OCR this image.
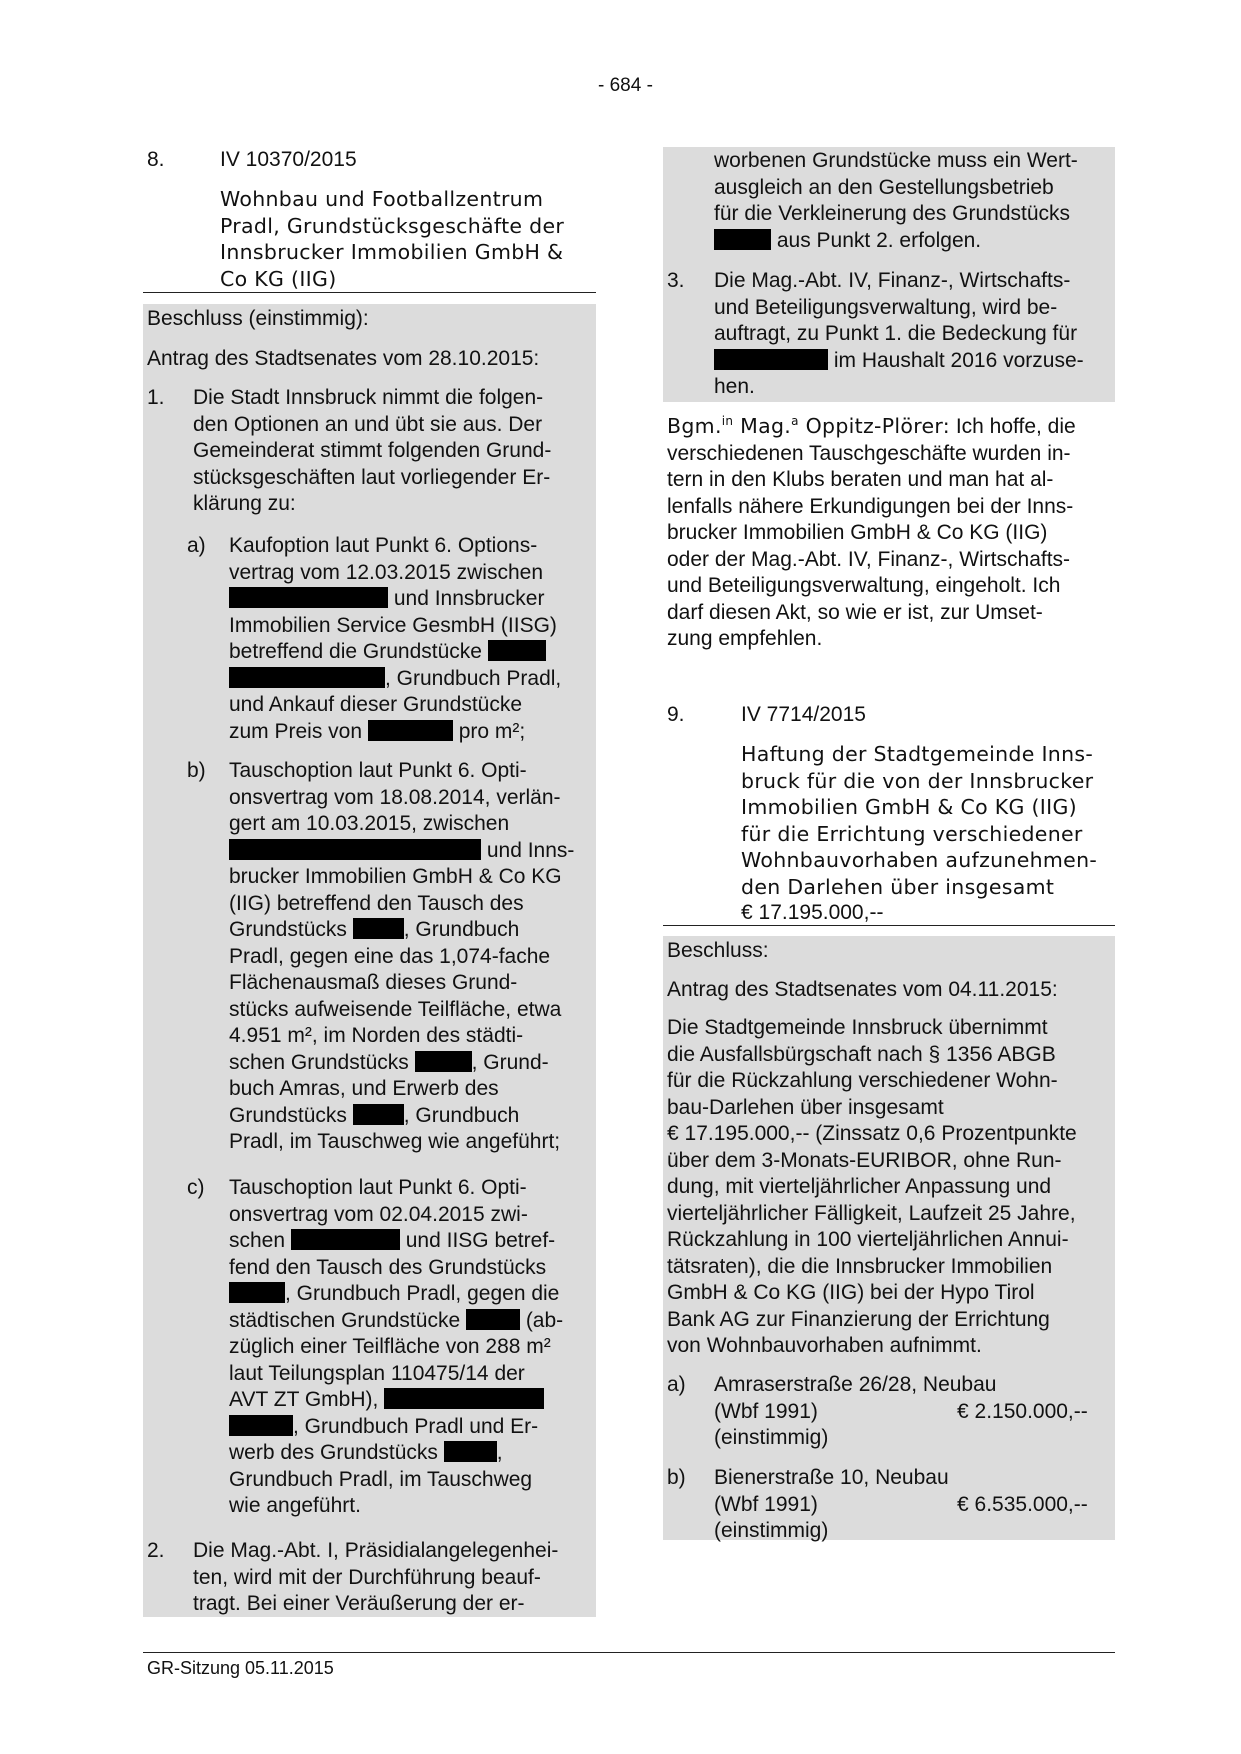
- 684 -
8.	IV 10370/2015

Wohnbau und Footballzentrum

Pradl, Grundstücksgeschäfte der

Innsbrucker Immobilien GmbH &

Co KG (IIG)

Beschluss (einstimmig):
Antrag des Stadtsenates vom 28.10.2015:
1. Die Stadt Innsbruck nimmt die folgen-

den Optionen an und übt sie aus. Der

Gemeinderat stimmt folgenden Grund-

stücksgeschäften laut vorliegender Er-

klärung zu:

a) Kaufoption laut Punkt 6. Options-

vertrag vom 12.03.2015 zwischen

und Innsbrucker

Immobilien Service GesmbH (IISG)

betreffend die Grundstücke

, Grundbuch Pradl,

und Ankauf dieser Grundstücke

zum Preis von	pro m²;

b) Tauschoption laut Punkt 6. Opti-

onsvertrag vom 18.08.2014, verlän-

gert am 10.03.2015, zwischen

und Inns-

brucker Immobilien GmbH & Co KG

(IIG) betreffend den Tausch des

Grundstücks	, Grundbuch

Pradl, gegen eine das 1,074-fache

Flächenausmaß dieses Grund-

stücks aufweisende Teilfläche, etwa

4.951 m², im Norden des städti-

schen Grundstücks	, Grund-

buch Amras, und Erwerb des

Grundstücks	, Grundbuch

Pradl, im Tauschweg wie angeführt;

c) Tauschoption laut Punkt 6. Opti-

onsvertrag vom 02.04.2015 zwi-

schen	und IISG betref-

fend den Tausch des Grundstücks

, Grundbuch Pradl, gegen die

städtischen Grundstücke	(ab-

züglich einer Teilfläche von 288 m²

laut Teilungsplan 110475/14 der

AVT ZT GmbH),

, Grundbuch Pradl und Er-

werb des Grundstücks	,

Grundbuch Pradl, im Tauschweg

wie angeführt.

2. Die Mag.-Abt. I, Präsidialangelegenhei-

ten, wird mit der Durchführung beauf-

tragt. Bei einer Veräußerung der er-

worbenen Grundstücke muss ein Wert-

ausgleich an den Gestellungsbetrieb

für die Verkleinerung des Grundstücks

aus Punkt 2. erfolgen.

3. Die Mag.-Abt. IV, Finanz-, Wirtschafts-

und Beteiligungsverwaltung, wird be-

auftragt, zu Punkt 1. die Bedeckung für

im Haushalt 2016 vorzuse-

hen.

Bgm.$^{in}$ Mag.$^a$ Oppitz-Plörer: Ich hoffe, die

verschiedenen Tauschgeschäfte wurden in-

tern in den Klubs beraten und man hat al-

lenfalls nähere Erkundigungen bei der Inns-

brucker Immobilien GmbH & Co KG (IIG)

oder der Mag.-Abt. IV, Finanz-, Wirtschafts-

und Beteiligungsverwaltung, eingeholt. Ich

darf diesen Akt, so wie er ist, zur Umset-

zung empfehlen.

9.	IV 7714/2015

Haftung der Stadtgemeinde Inns-

bruck für die von der Innsbrucker

Immobilien GmbH & Co KG (IIG)

für die Errichtung verschiedener

Wohnbauvorhaben aufzunehmen-

den Darlehen über insgesamt

€ 17.195.000,--

Beschluss:
Antrag des Stadtsenates vom 04.11.2015:

Die Stadtgemeinde Innsbruck übernimmt

die Ausfallsbürgschaft nach § 1356 ABGB

für die Rückzahlung verschiedener Wohn-

bau-Darlehen über insgesamt

€ 17.195.000,-- (Zinssatz 0,6 Prozentpunkte

über dem 3-Monats-EURIBOR, ohne Run-

dung, mit vierteljährlicher Anpassung und

vierteljährlicher Fälligkeit, Laufzeit 25 Jahre,

Rückzahlung in 100 vierteljährlichen Annui-

tätsraten), die die Innsbrucker Immobilien

GmbH & Co KG (IIG) bei der Hypo Tirol

Bank AG zur Finanzierung der Errichtung

von Wohnbauvorhaben aufnimmt.

a) Amraserstraße 26/28, Neubau

(Wbf 1991)	€ 2.150.000,--

(einstimmig)

b) Bienerstraße 10, Neubau

(Wbf 1991)	€ 6.535.000,--

(einstimmig)

GR-Sitzung 05.11.2015
